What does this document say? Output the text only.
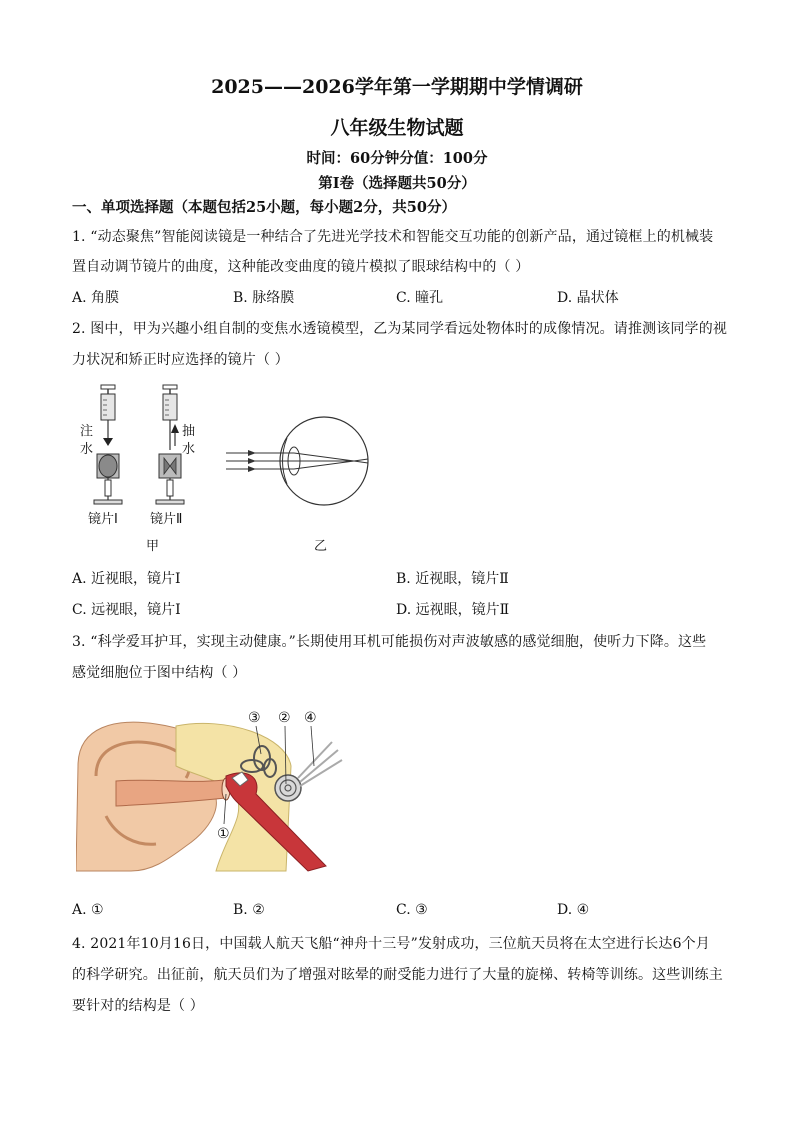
2025——2026学年第一学期期中学情调研
八年级生物试题
时间：60分钟分值：100分
第Ⅰ卷（选择题共50分）
一、单项选择题（本题包括25小题，每小题2分，共50分）
1. “动态聚焦”智能阅读镜是一种结合了先进光学技术和智能交互功能的创新产品，通过镜框上的机械装
置自动调节镜片的曲度，这种能改变曲度的镜片模拟了眼球结构中的（ ）
A. 角膜	B. 脉络膜	C. 瞳孔	D. 晶状体
2. 图中，甲为兴趣小组自制的变焦水透镜模型，乙为某同学看远处物体时的成像情况。请推测该同学的视
力状况和矫正时应选择的镜片（ ）
注
水
抽
水
镜片Ⅰ 镜片Ⅱ
甲	乙
A. 近视眼，镜片Ⅰ	B. 近视眼，镜片Ⅱ
C. 远视眼，镜片Ⅰ	D. 远视眼，镜片Ⅱ
3. “科学爱耳护耳，实现主动健康。”长期使用耳机可能损伤对声波敏感的感觉细胞，使听力下降。这些
感觉细胞位于图中结构（ ）
③ ② ④
①
A. ①	B. ②	C. ③	D. ④
4. 2021年10月16日，中国载人航天飞船“神舟十三号”发射成功，三位航天员将在太空进行长达6个月
的科学研究。出征前，航天员们为了增强对眩晕的耐受能力进行了大量的旋梯、转椅等训练。这些训练主
要针对的结构是（ ）
